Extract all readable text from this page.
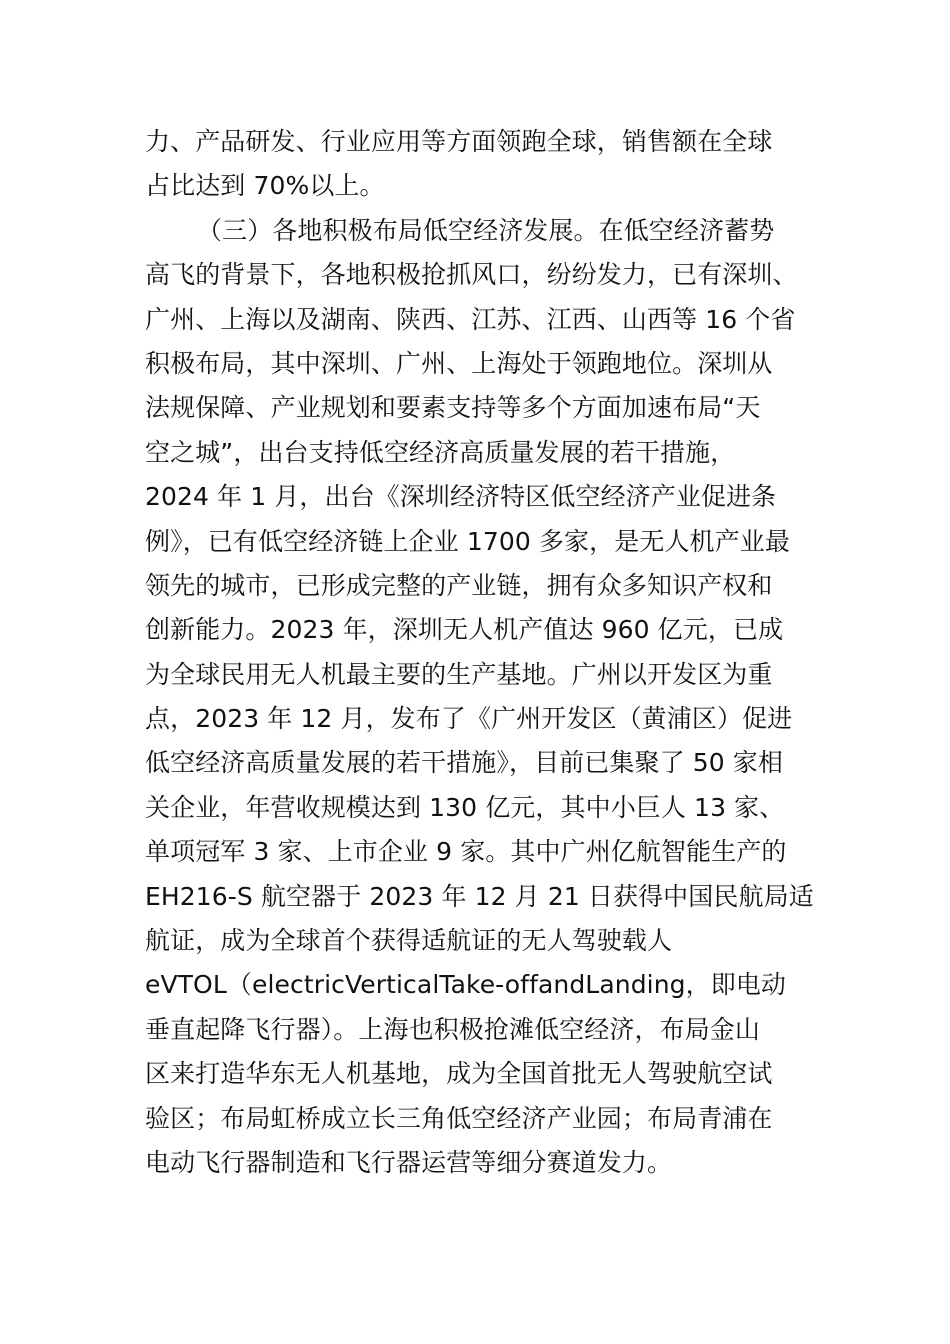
力、产品研发、行业应用等方面领跑全球，销售额在全球
占比达到 70%以上。
（三）各地积极布局低空经济发展。在低空经济蓄势
高飞的背景下，各地积极抢抓风口，纷纷发力，已有深圳、
广州、上海以及湖南、陕西、江苏、江西、山西等 16 个省
积极布局，其中深圳、广州、上海处于领跑地位。深圳从
法规保障、产业规划和要素支持等多个方面加速布局“天
空之城”，出台支持低空经济高质量发展的若干措施，
2024 年 1 月，出台《深圳经济特区低空经济产业促进条
例》，已有低空经济链上企业 1700 多家，是无人机产业最
领先的城市，已形成完整的产业链，拥有众多知识产权和
创新能力。2023 年，深圳无人机产值达 960 亿元，已成
为全球民用无人机最主要的生产基地。广州以开发区为重
点，2023 年 12 月，发布了《广州开发区（黄浦区）促进
低空经济高质量发展的若干措施》，目前已集聚了 50 家相
关企业，年营收规模达到 130 亿元，其中小巨人 13 家、
单项冠军 3 家、上市企业 9 家。其中广州亿航智能生产的
EH216-S 航空器于 2023 年 12 月 21 日获得中国民航局适
航证，成为全球首个获得适航证的无人驾驶载人
eVTOL（electricVerticalTake-offandLanding，即电动
垂直起降飞行器）。上海也积极抢滩低空经济，布局金山
区来打造华东无人机基地，成为全国首批无人驾驶航空试
验区；布局虹桥成立长三角低空经济产业园；布局青浦在
电动飞行器制造和飞行器运营等细分赛道发力。
